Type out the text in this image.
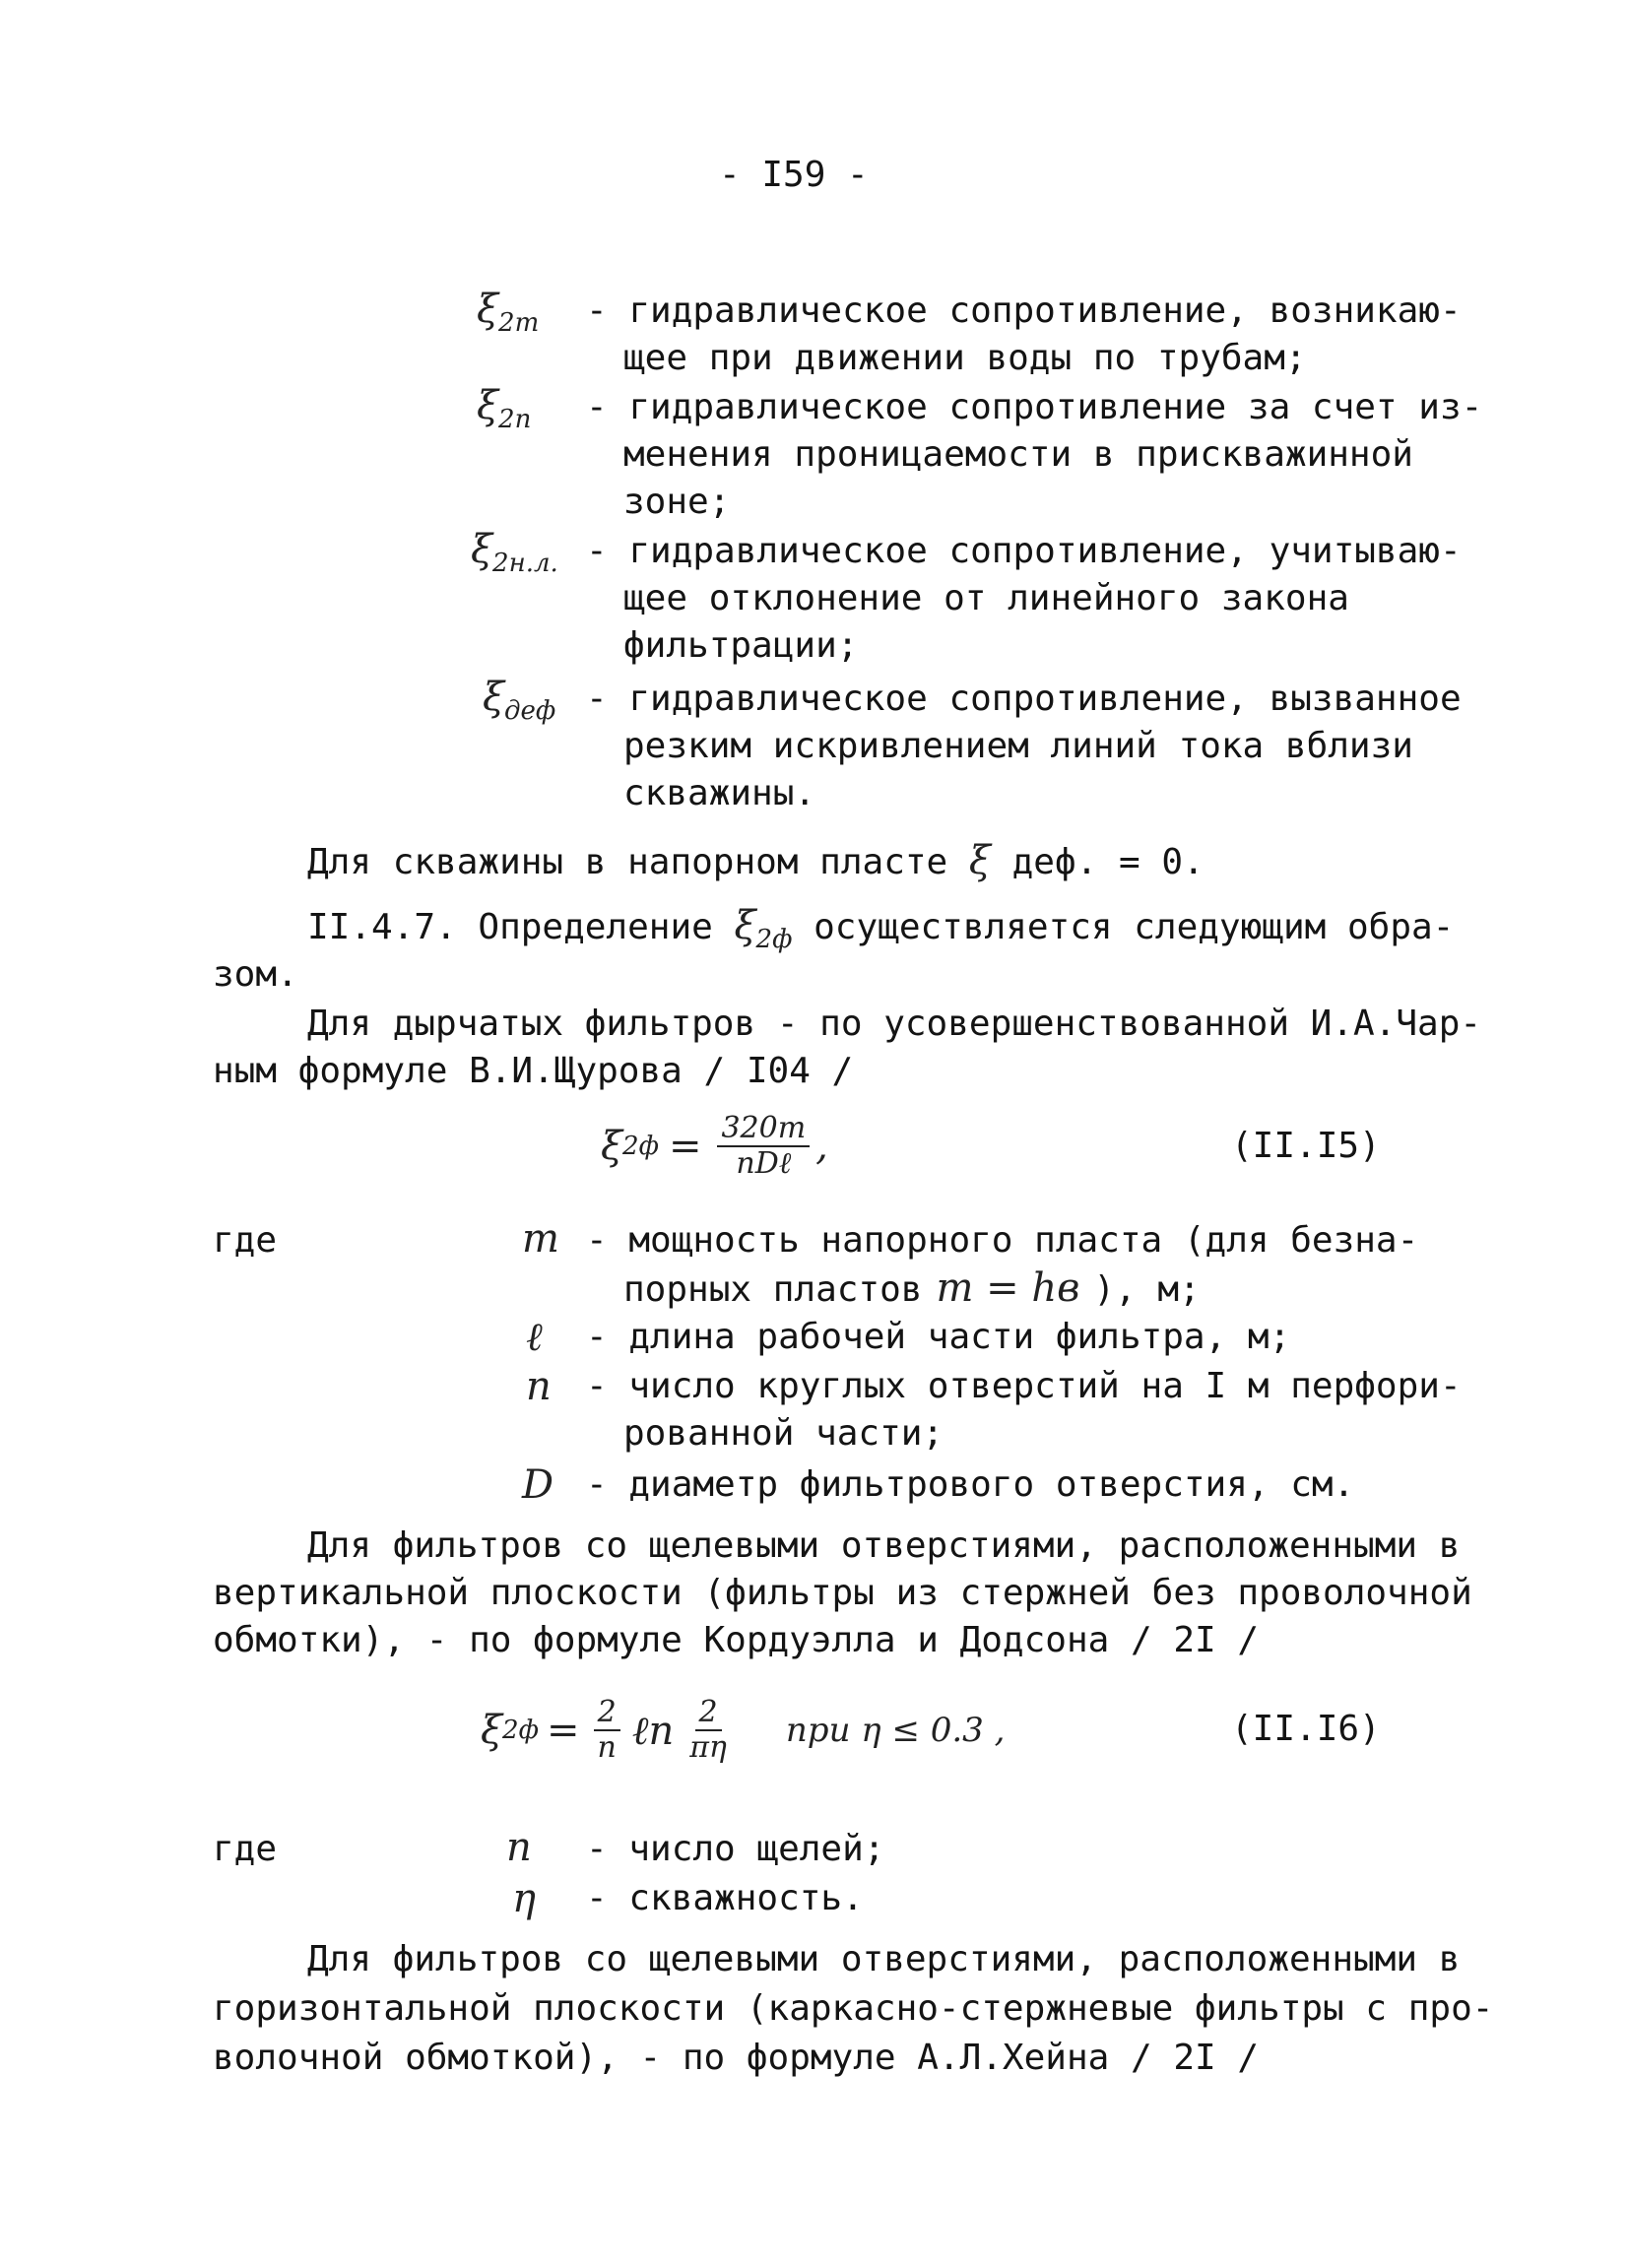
- I59 -
$\xi_{2т}$ - гидравлическое сопротивление, возникаю-
щее при движении воды по трубам;
$\xi_{2п}$ - гидравлическое сопротивление за счет из-
менения проницаемости в прискважинной
зоне;
$\xi_{2н.л.}$ - гидравлическое сопротивление, учитываю-
щее отклонение от линейного закона
фильтрации;
$\xi_{деф}$ - гидравлическое сопротивление, вызванное
резким искривлением линий тока вблизи
скважины.
Для скважины в напорном пласте ξ деф. = 0.
II.4.7. Определение $\xi_{2ф}$ осуществляется следующим обра-
зом.
Для дырчатых фильтров - по усовершенствованной И.А.Чар-
ным формуле В.И.Щурова / I04 /
ξ $2ф = \frac{320m}{\text{nDℓ}}$ ,	(II.I5)
где	m - мощность напорного пласта (для безна-
порных пластов m = hв ), м;
ℓ - длина рабочей части фильтра, м;
n - число круглых отверстий на I м перфори-
рованной части;
D - диаметр фильтрового отверстия, см.
Для фильтров со щелевыми отверстиями, расположенными в
вертикальной плоскости (фильтры из стержней без проволочной
обмотки), - по формуле Кордуэлла и Додсона / 2I /
ξ $2ф = \frac{2}{n}$ ℓn $\frac{2}{\pi\eta}$ при η ≤ 0.3 ,	(II.I6)
где	n - число щелей;
η - скважность.
Для фильтров со щелевыми отверстиями, расположенными в
горизонтальной плоскости (каркасно-стержневые фильтры с про-
волочной обмоткой), - по формуле А.Л.Хейна / 2I /
